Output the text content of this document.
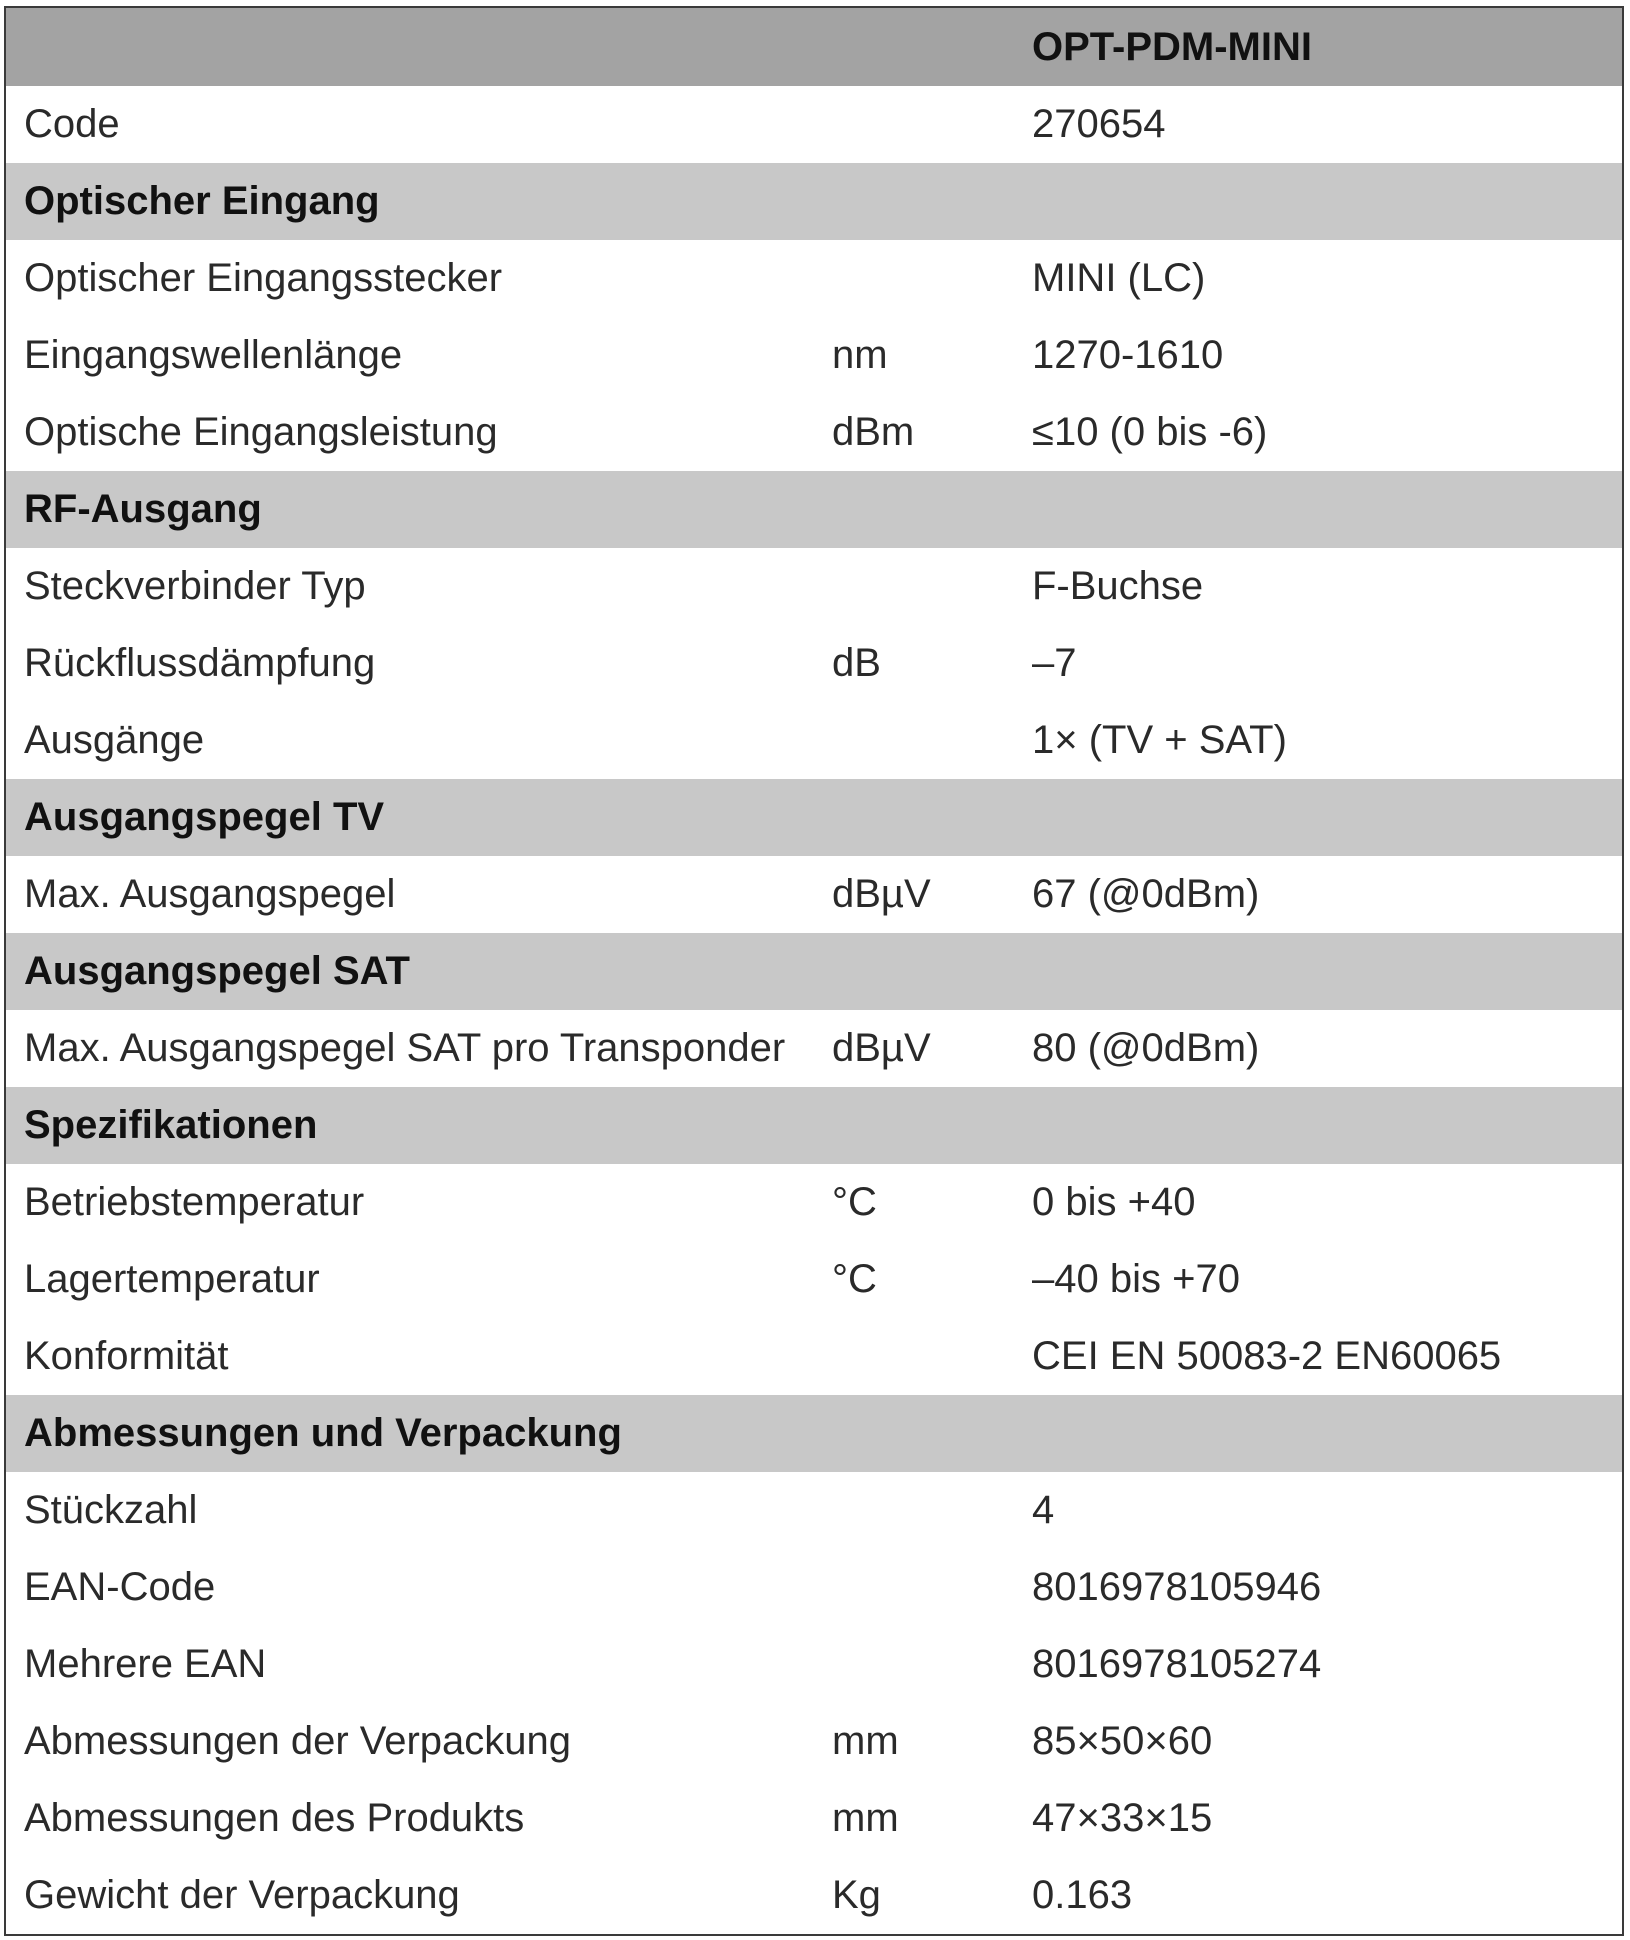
OPT-PDM-MINI
Code	270654
Optischer Eingang
Optischer Eingangsstecker	MINI (LC)
Eingangswellenlänge	nm	1270-1610
Optische Eingangsleistung	dBm	≤10 (0 bis -6)
RF-Ausgang
Steckverbinder Typ	F-Buchse
Rückflussdämpfung	dB	–7
Ausgänge	1× (TV + SAT)
Ausgangspegel TV
Max. Ausgangspegel	dBµV	67 (@0dBm)
Ausgangspegel SAT
Max. Ausgangspegel SAT pro Transponder	dBµV	80 (@0dBm)
Spezifikationen
Betriebstemperatur	°C	0 bis +40
Lagertemperatur	°C	–40 bis +70
Konformität	CEI EN 50083-2 EN60065
Abmessungen und Verpackung
Stückzahl	4
EAN-Code	8016978105946
Mehrere EAN	8016978105274
Abmessungen der Verpackung	mm	85×50×60
Abmessungen des Produkts	mm	47×33×15
Gewicht der Verpackung	Kg	0.163
